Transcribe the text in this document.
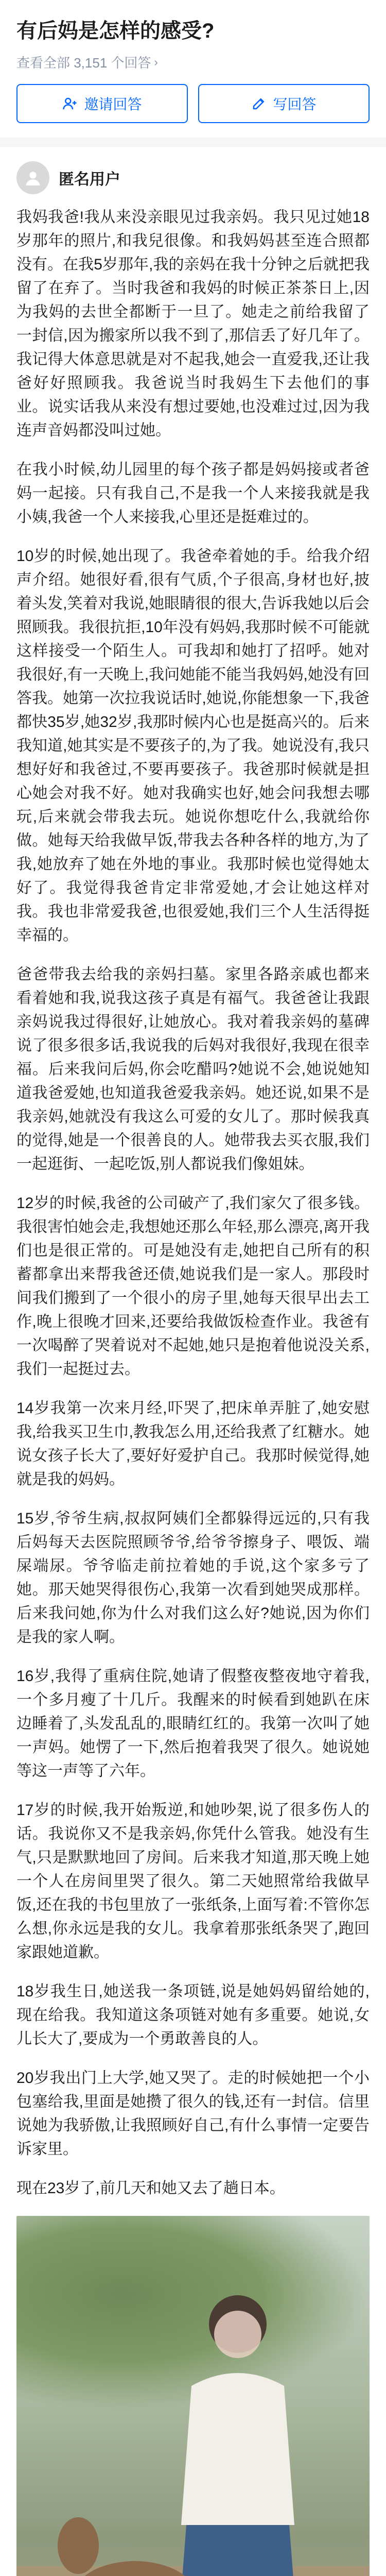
有后妈是怎样的感受?
查看全部 3,151 个回答 ›
邀请回答	写回答
匿名用户

我妈我爸!我从来没亲眼见过我亲妈。我只见过她18岁那年的照片,和我兒很像。和我妈妈甚至连合照都没有。在我5岁那年,我的亲妈在我十分钟之后就把我留了在弃了。当时我爸和我妈的时候正茶茶日上,因为我妈的去世全都断于一旦了。她走之前给我留了一封信,因为搬家所以我不到了,那信丢了好几年了。我记得大体意思就是对不起我,她会一直爱我,还让我爸好好照顾我。我爸说当时我妈生下去他们的事业。说实话我从来没有想过要她,也没难过过,因为我连声音妈都没叫过她。

在我小时候,幼儿园里的每个孩子都是妈妈接或者爸妈一起接。只有我自己,不是我一个人来接我就是我小姨,我爸一个人来接我,心里还是挺难过的。

10岁的时候,她出现了。我爸牵着她的手。给我介绍声介绍。她很好看,很有气质,个子很高,身材也好,披着头发,笑着对我说,她眼睛很的很大,告诉我她以后会照顾我。我很抗拒,10年没有妈妈,我那时候不可能就这样接受一个陌生人。可我却和她打了招呼。她对我很好,有一天晚上,我问她能不能当我妈妈,她没有回答我。她第一次拉我说话时,她说,你能想象一下,我爸都快35岁,她32岁,我那时候内心也是挺高兴的。后来我知道,她其实是不要孩子的,为了我。她说没有,我只想好好和我爸过,不要再要孩子。我爸那时候就是担心她会对我不好。她对我确实也好,她会问我想去哪玩,后来就会带我去玩。她说你想吃什么,我就给你做。她每天给我做早饭,带我去各种各样的地方,为了我,她放弃了她在外地的事业。我那时候也觉得她太好了。我觉得我爸肯定非常爱她,才会让她这样对我。我也非常爱我爸,也很爱她,我们三个人生活得挺幸福的。

爸爸带我去给我的亲妈扫墓。家里各路亲戚也都来看着她和我,说我这孩子真是有福气。我爸爸让我跟亲妈说我过得很好,让她放心。我对着我亲妈的墓碑说了很多很多话,我说我的后妈对我很好,我现在很幸福。后来我问后妈,你会吃醋吗?她说不会,她说她知道我爸爱她,也知道我爸爱我亲妈。她还说,如果不是我亲妈,她就没有我这么可爱的女儿了。那时候我真的觉得,她是一个很善良的人。她带我去买衣服,我们一起逛街、一起吃饭,别人都说我们像姐妹。

12岁的时候,我爸的公司破产了,我们家欠了很多钱。我很害怕她会走,我想她还那么年轻,那么漂亮,离开我们也是很正常的。可是她没有走,她把自己所有的积蓄都拿出来帮我爸还债,她说我们是一家人。那段时间我们搬到了一个很小的房子里,她每天很早出去工作,晚上很晚才回来,还要给我做饭检查作业。我爸有一次喝醉了哭着说对不起她,她只是抱着他说没关系,我们一起挺过去。

14岁我第一次来月经,吓哭了,把床单弄脏了,她安慰我,给我买卫生巾,教我怎么用,还给我煮了红糖水。她说女孩子长大了,要好好爱护自己。我那时候觉得,她就是我的妈妈。

15岁,爷爷生病,叔叔阿姨们全都躲得远远的,只有我后妈每天去医院照顾爷爷,给爷爷擦身子、喂饭、端屎端尿。爷爷临走前拉着她的手说,这个家多亏了她。那天她哭得很伤心,我第一次看到她哭成那样。后来我问她,你为什么对我们这么好?她说,因为你们是我的家人啊。

16岁,我得了重病住院,她请了假整夜整夜地守着我,一个多月瘦了十几斤。我醒来的时候看到她趴在床边睡着了,头发乱乱的,眼睛红红的。我第一次叫了她一声妈。她愣了一下,然后抱着我哭了很久。她说她等这一声等了六年。

17岁的时候,我开始叛逆,和她吵架,说了很多伤人的话。我说你又不是我亲妈,你凭什么管我。她没有生气,只是默默地回了房间。后来我才知道,那天晚上她一个人在房间里哭了很久。第二天她照常给我做早饭,还在我的书包里放了一张纸条,上面写着:不管你怎么想,你永远是我的女儿。我拿着那张纸条哭了,跑回家跟她道歉。

18岁我生日,她送我一条项链,说是她妈妈留给她的,现在给我。我知道这条项链对她有多重要。她说,女儿长大了,要成为一个勇敢善良的人。

20岁我出门上大学,她又哭了。走的时候她把一个小包塞给我,里面是她攒了很久的钱,还有一封信。信里说她为我骄傲,让我照顾好自己,有什么事情一定要告诉家里。

现在23岁了,前几天和她又去了趟日本。
